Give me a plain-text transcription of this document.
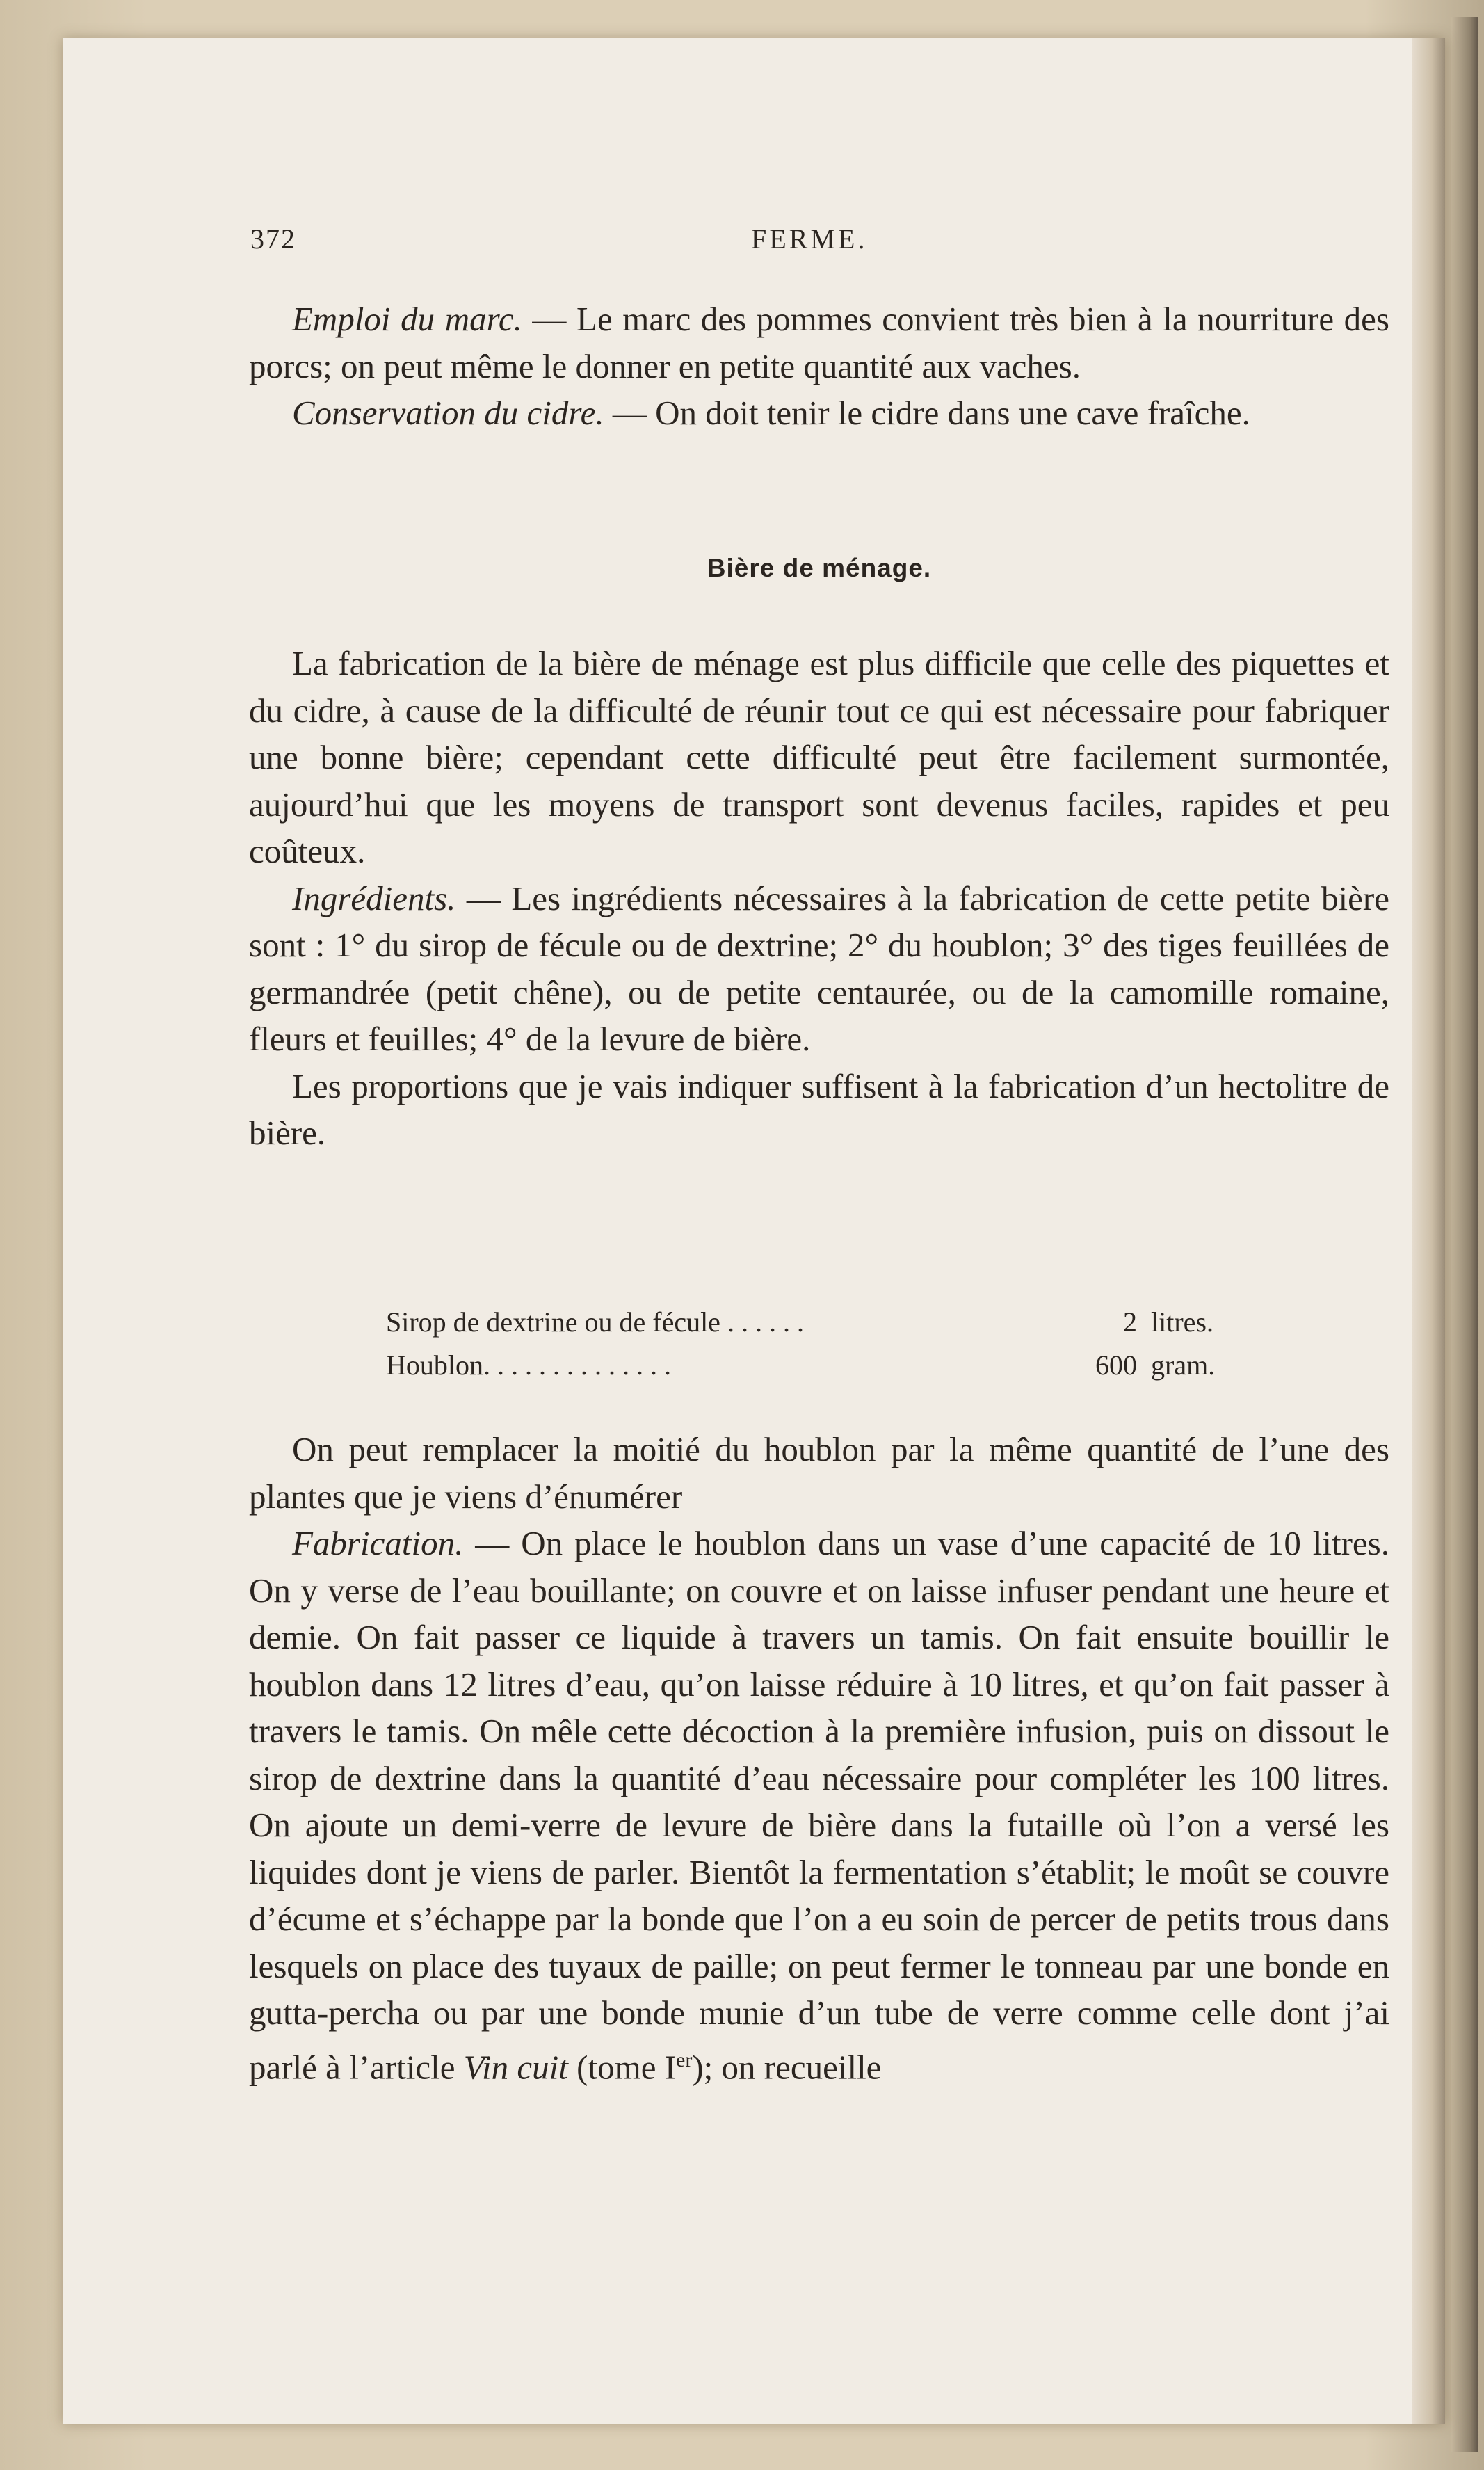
372	FERME.

Emploi du marc. — Le marc des pommes convient très bien à la nourriture des porcs; on peut même le donner en petite quantité aux vaches.

Conservation du cidre. — On doit tenir le cidre dans une cave fraîche.

Bière de ménage.

La fabrication de la bière de ménage est plus difficile que celle des piquettes et du cidre, à cause de la difficulté de réunir tout ce qui est nécessaire pour fabriquer une bonne bière; cependant cette difficulté peut être facilement surmontée, aujourd’hui que les moyens de transport sont devenus faciles, rapides et peu coûteux.

Ingrédients. — Les ingrédients nécessaires à la fabrication de cette petite bière sont : 1° du sirop de fécule ou de dextrine; 2° du houblon; 3° des tiges feuillées de germandrée (petit chêne), ou de petite centaurée, ou de la camomille romaine, fleurs et feuilles; 4° de la levure de bière.

Les proportions que je vais indiquer suffisent à la fabrication d’un hectolitre de bière.

Sirop de dextrine ou de fécule . . . . . .	2 litres.
Houblon. . . . . . . . . . . . . .	600 gram.

On peut remplacer la moitié du houblon par la même quantité de l’une des plantes que je viens d’énumérer

Fabrication. — On place le houblon dans un vase d’une capacité de 10 litres. On y verse de l’eau bouillante; on couvre et on laisse infuser pendant une heure et demie. On fait passer ce liquide à travers un tamis. On fait ensuite bouillir le houblon dans 12 litres d’eau, qu’on laisse réduire à 10 litres, et qu’on fait passer à travers le tamis. On mêle cette décoction à la première infusion, puis on dissout le sirop de dextrine dans la quantité d’eau nécessaire pour compléter les 100 litres. On ajoute un demi-verre de levure de bière dans la futaille où l’on a versé les liquides dont je viens de parler. Bientôt la fermentation s’établit; le moût se couvre d’écume et s’échappe par la bonde que l’on a eu soin de percer de petits trous dans lesquels on place des tuyaux de paille; on peut fermer le tonneau par une bonde en gutta-percha ou par une bonde munie d’un tube de verre comme celle dont j’ai parlé à l’article Vin cuit (tome Ier); on recueille
